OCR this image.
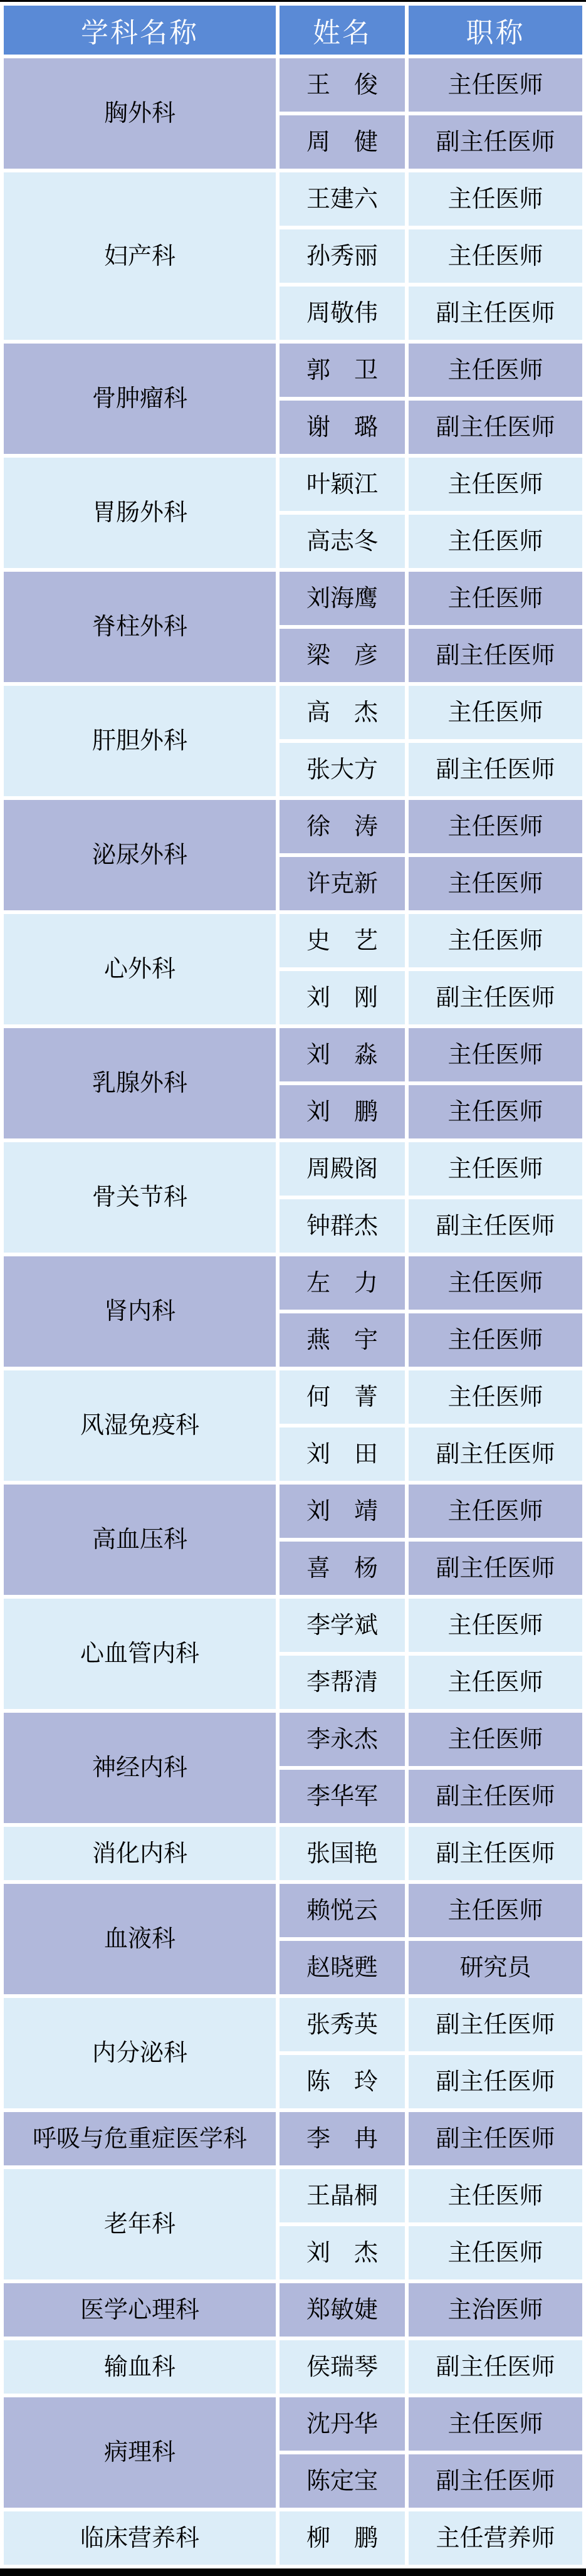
学科名称	姓名	职称
胸外科	王　俊	主任医师
	周　健	副主任医师
妇产科	王建六	主任医师
	孙秀丽	主任医师
	周敬伟	副主任医师
骨肿瘤科	郭　卫	主任医师
	谢　璐	副主任医师
胃肠外科	叶颖江	主任医师
	高志冬	主任医师
脊柱外科	刘海鹰	主任医师
	梁　彦	副主任医师
肝胆外科	高　杰	主任医师
	张大方	副主任医师
泌尿外科	徐　涛	主任医师
	许克新	主任医师
心外科	史　艺	主任医师
	刘　刚	副主任医师
乳腺外科	刘　淼	主任医师
	刘　鹏	主任医师
骨关节科	周殿阁	主任医师
	钟群杰	副主任医师
肾内科	左　力	主任医师
	燕　宇	主任医师
风湿免疫科	何　菁	主任医师
	刘　田	副主任医师
高血压科	刘　靖	主任医师
	喜　杨	副主任医师
心血管内科	李学斌	主任医师
	李帮清	主任医师
神经内科	李永杰	主任医师
	李华军	副主任医师
消化内科	张国艳	副主任医师
血液科	赖悦云	主任医师
	赵晓甦	研究员
内分泌科	张秀英	副主任医师
	陈　玲	副主任医师
呼吸与危重症医学科	李　冉	副主任医师
老年科	王晶桐	主任医师
	刘　杰	主任医师
医学心理科	郑敏婕	主治医师
输血科	侯瑞琴	副主任医师
病理科	沈丹华	主任医师
	陈定宝	副主任医师
临床营养科	柳　鹏	主任营养师
